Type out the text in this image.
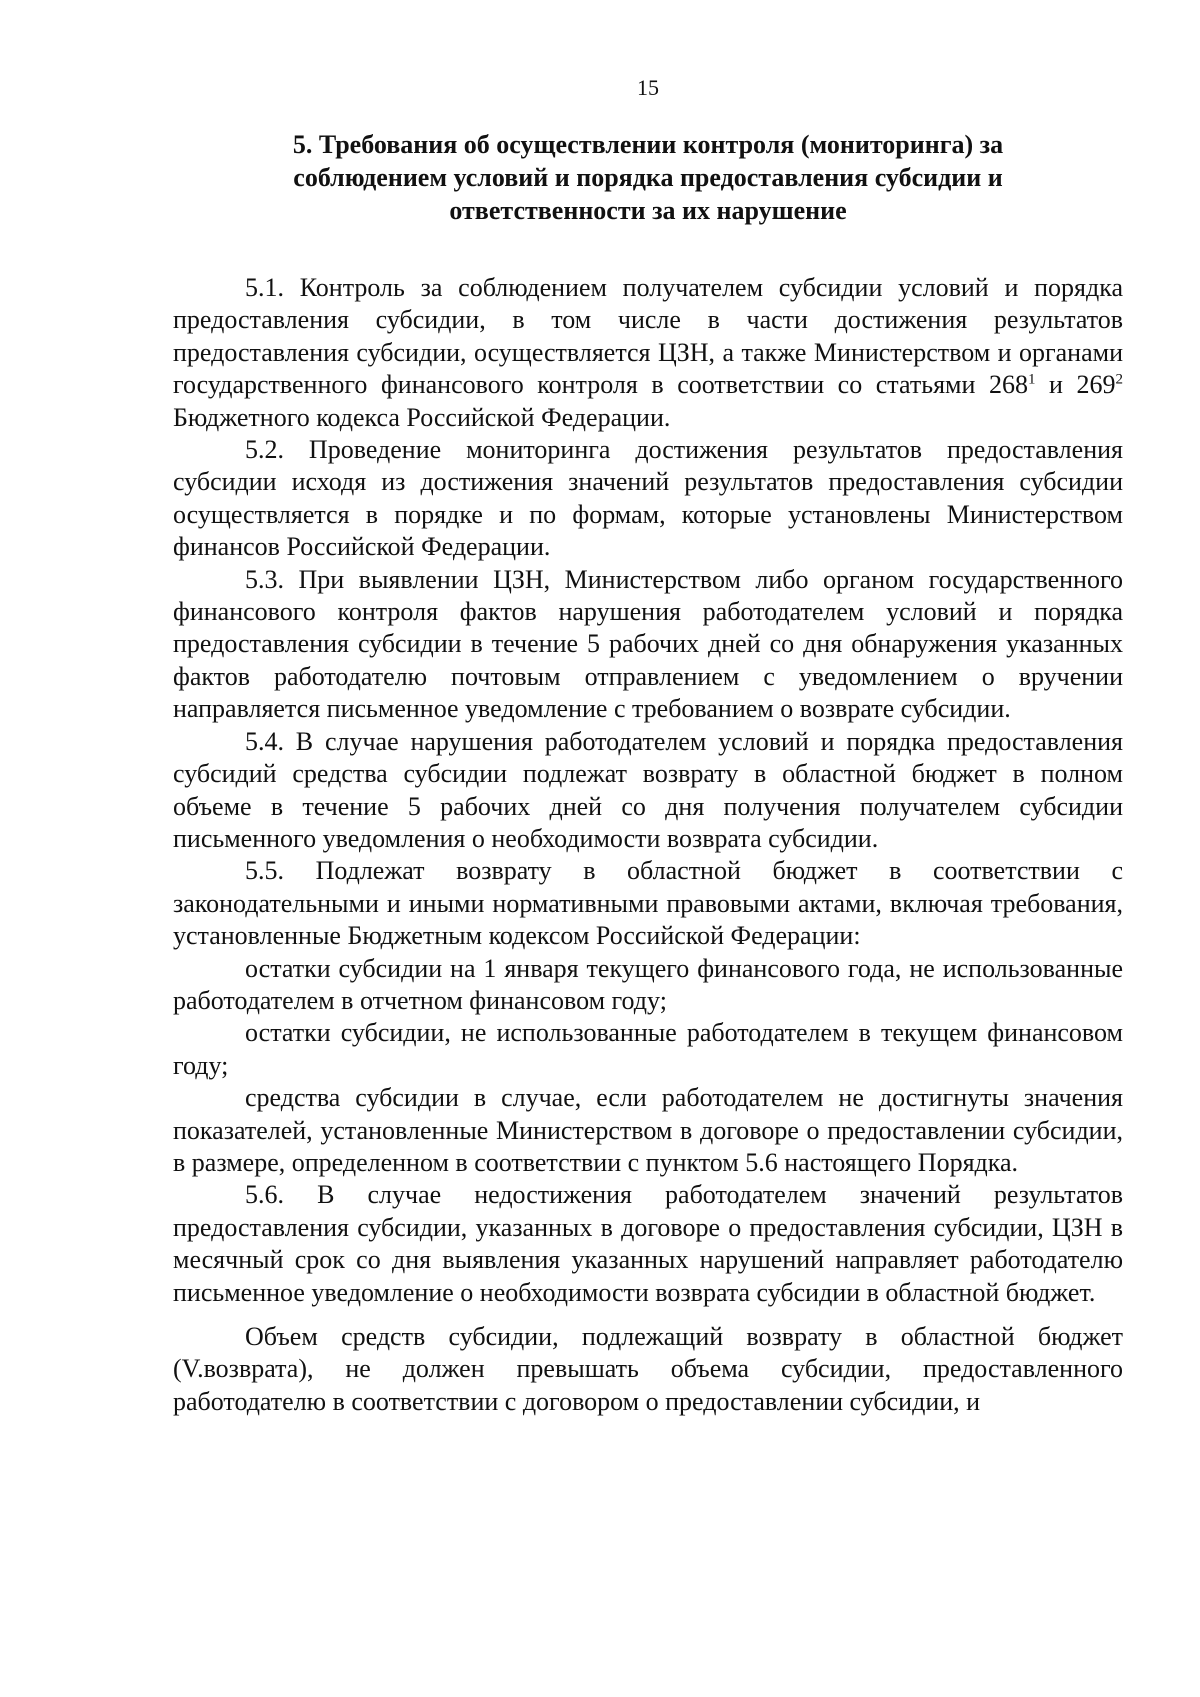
15
5. Требования об осуществлении контроля (мониторинга) за
соблюдением условий и порядка предоставления субсидии и
ответственности за их нарушение

5.1. Контроль за соблюдением получателем субсидии условий и порядка предоставления субсидии, в том числе в части достижения результатов предоставления субсидии, осуществляется ЦЗН, а также Министерством и органами государственного финансового контроля в соответствии со статьями $268^1$ и $269^2$ Бюджетного кодекса Российской Федерации.

5.2. Проведение мониторинга достижения результатов предоставления субсидии исходя из достижения значений результатов предоставления субсидии осуществляется в порядке и по формам, которые установлены Министерством финансов Российской Федерации.

5.3. При выявлении ЦЗН, Министерством либо органом государственного финансового контроля фактов нарушения работодателем условий и порядка предоставления субсидии в течение 5 рабочих дней со дня обнаружения указанных фактов работодателю почтовым отправлением с уведомлением о вручении направляется письменное уведомление с требованием о возврате субсидии.

5.4. В случае нарушения работодателем условий и порядка предоставления субсидий средства субсидии подлежат возврату в областной бюджет в полном объеме в течение 5 рабочих дней со дня получения получателем субсидии письменного уведомления о необходимости возврата субсидии.

5.5. Подлежат возврату в областной бюджет в соответствии с законодательными и иными нормативными правовыми актами, включая требования, установленные Бюджетным кодексом Российской Федерации:

остатки субсидии на 1 января текущего финансового года, не использованные работодателем в отчетном финансовом году;

остатки субсидии, не использованные работодателем в текущем финансовом году;

средства субсидии в случае, если работодателем не достигнуты значения показателей, установленные Министерством в договоре о предоставлении субсидии, в размере, определенном в соответствии с пунктом 5.6 настоящего Порядка.

5.6. В случае недостижения работодателем значений результатов предоставления субсидии, указанных в договоре о предоставления субсидии, ЦЗН в месячный срок со дня выявления указанных нарушений направляет работодателю письменное уведомление о необходимости возврата субсидии в областной бюджет.

Объем средств субсидии, подлежащий возврату в областной бюджет (V.возврата), не должен превышать объема субсидии, предоставленного работодателю в соответствии с договором о предоставлении субсидии, и
